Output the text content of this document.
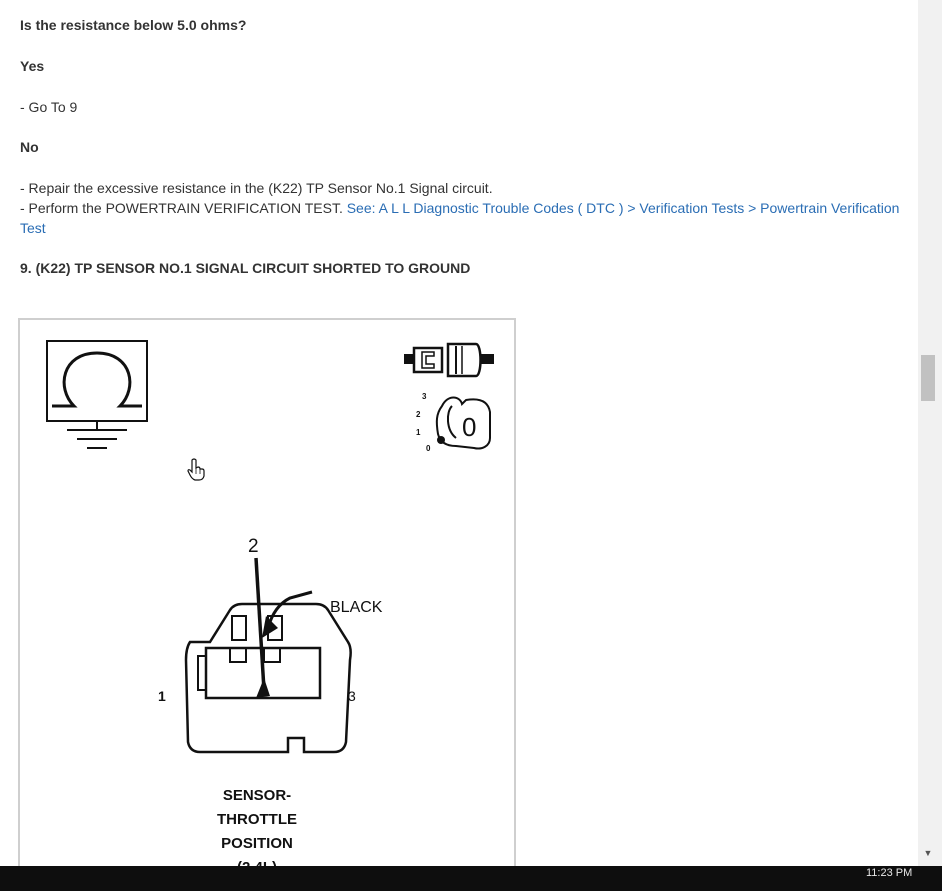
Is the resistance below 5.0 ohms?
Yes
- Go To 9
No
- Repair the excessive resistance in the (K22) TP Sensor No.1 Signal circuit.
- Perform the POWERTRAIN VERIFICATION TEST. See: A L L Diagnostic Trouble Codes ( DTC ) > Verification Tests > Powertrain Verification Test
9. (K22) TP SENSOR NO.1 SIGNAL CIRCUIT SHORTED TO GROUND
3
2
1
0
0
2
1	3
BLACK
SENSOR-
THROTTLE
POSITION
▼
11:23 PM
